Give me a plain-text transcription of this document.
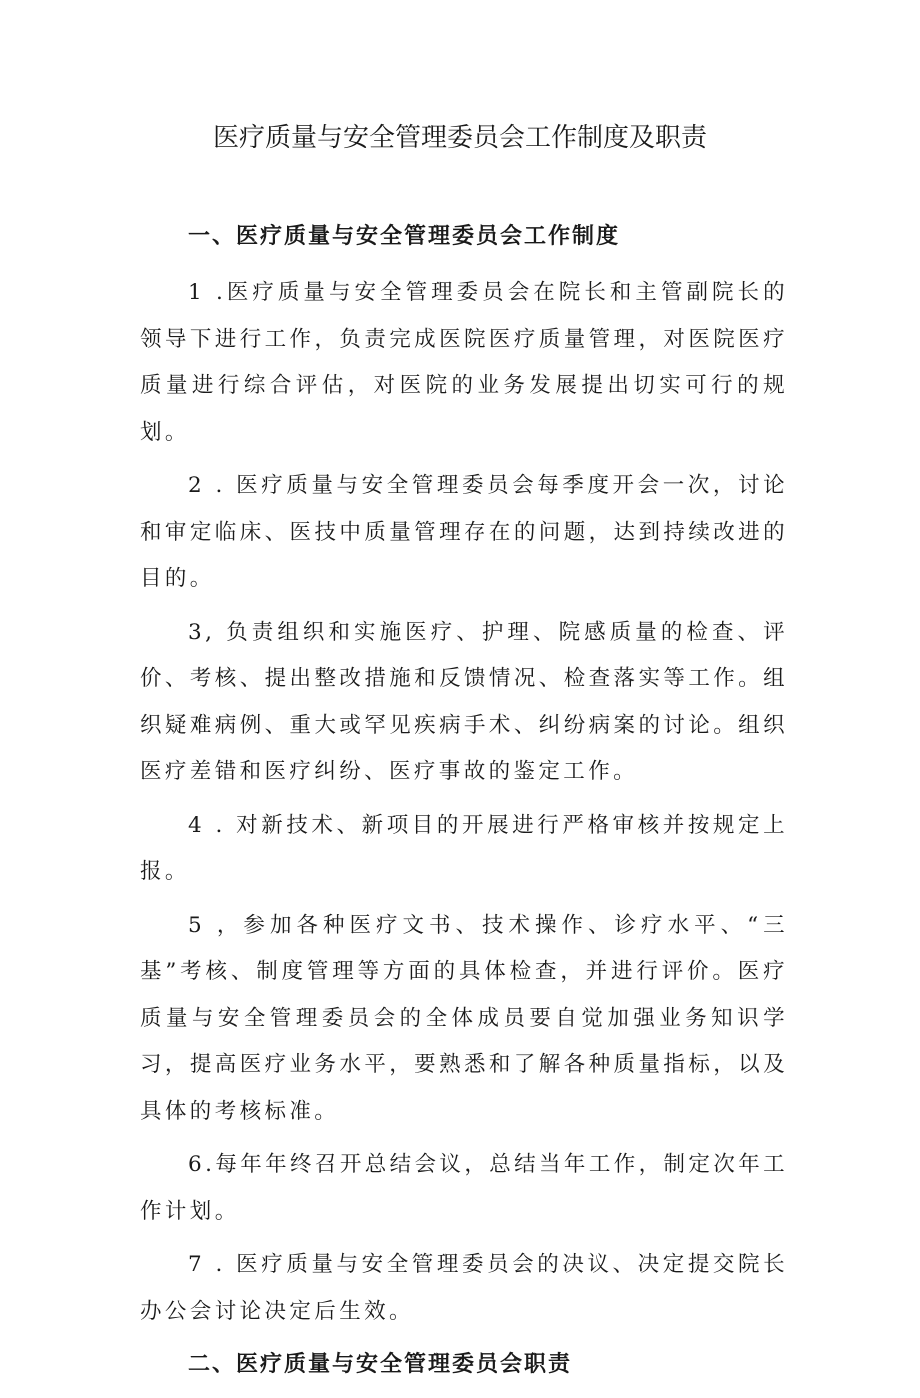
医疗质量与安全管理委员会工作制度及职责
一、医疗质量与安全管理委员会工作制度

1 .医疗质量与安全管理委员会在院长和主管副院长的领导下进行工作，负责完成医院医疗质量管理，对医院医疗质量进行综合评估，对医院的业务发展提出切实可行的规划。

2 . 医疗质量与安全管理委员会每季度开会一次，讨论和审定临床、医技中质量管理存在的问题，达到持续改进的目的。

3, 负责组织和实施医疗、护理、院感质量的检查、评价、考核、提出整改措施和反馈情况、检查落实等工作。组织疑难病例、重大或罕见疾病手术、纠纷病案的讨论。组织医疗差错和医疗纠纷、医疗事故的鉴定工作。

4 . 对新技术、新项目的开展进行严格审核并按规定上报。

5 ，参加各种医疗文书、技术操作、诊疗水平、“三基”考核、制度管理等方面的具体检查，并进行评价。医疗质量与安全管理委员会的全体成员要自觉加强业务知识学习，提高医疗业务水平，要熟悉和了解各种质量指标，以及具体的考核标准。

6.每年年终召开总结会议，总结当年工作，制定次年工作计划。

7 . 医疗质量与安全管理委员会的决议、决定提交院长办公会讨论决定后生效。

二、医疗质量与安全管理委员会职责
